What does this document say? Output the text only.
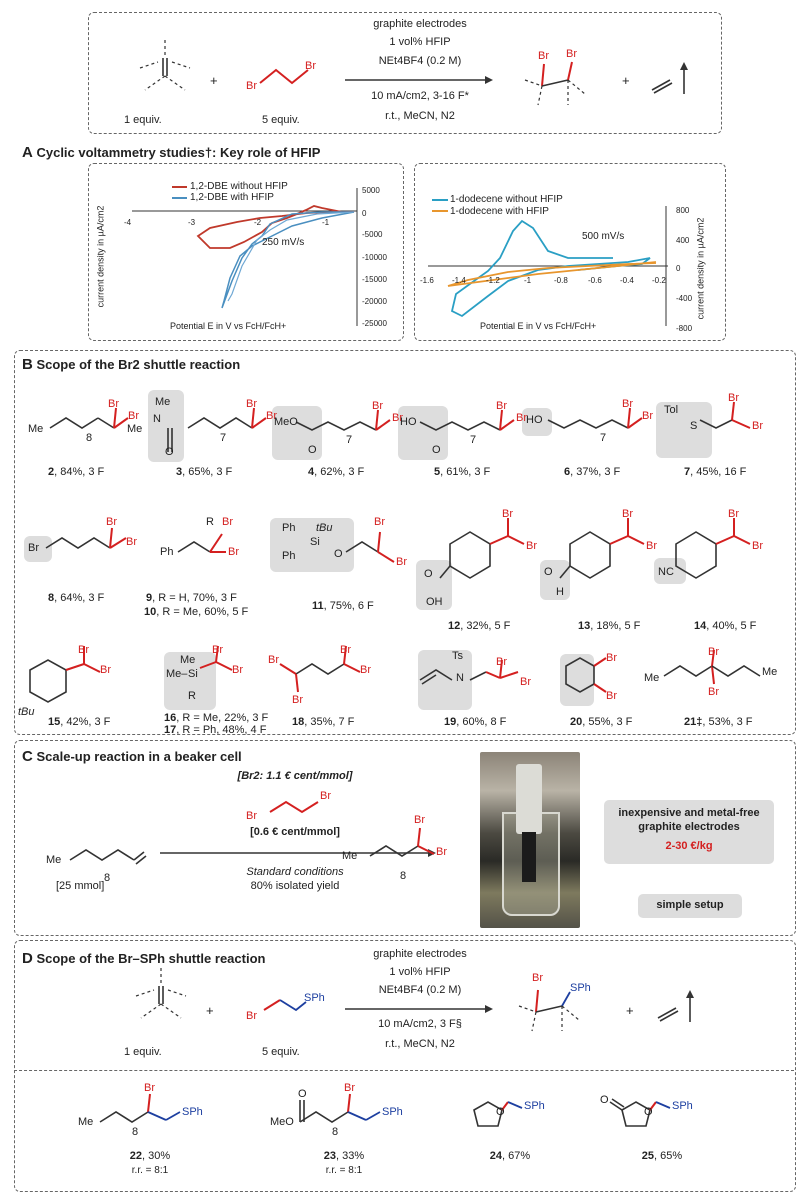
1 equiv.
+	Br
Br
5 equiv.
graphite electrodes
1 vol% HFIP
NEt4BF4 (0.2 M)
10 mA/cm2, 3-16 F*
r.t., MeCN, N2
Br Br
+
A Cyclic voltammetry studies†: Key role of HFIP
1,2-DBE without HFIP
1,2-DBE with HFIP
-4	-3	-2	-1
250 mV/s
5000
0
-5000
-10000
-15000
-20000
-25000
Potential E in V vs FcH/FcH+
current density in µA/cm2
1-dodecene without HFIP
1-dodecene with HFIP
500 mV/s
-1.6 -1.4	-1.2	-1	-0.8	-0.6 -0.4 -0.2
800
400
0
-400
-800
Potential E in V vs FcH/FcH+
current density in µA/cm2
B Scope of the Br2 shuttle reaction
Me
8
Br
Br
Me
Me
N
O
7
Br
Br
MeO
O
7
Br
Br
HO
O
7
Br
Br HO
7
Br
Br Tol
S
Br
Br
2, 84%, 3 F	3, 65%, 3 F	4, 62%, 3 F	5, 61%, 3 F	6, 37%, 3 F	7, 45%, 16 F
Br
Br
Br
Ph
R Br
Br
Ph tBu
Si
Ph	O
Br
Br
O
OH
Br
Br
O
H
Br
Br
NC
Br
Br
8, 64%, 3 F	9, R = H, 70%, 3 F
10, R = Me, 60%, 5 F	11, 75%, 6 F
12, 32%, 5 F	13, 18%, 5 F	14, 40%, 5 F
tBu
Br
Br
Me
Me– Si
R
Br
Br
Br
Br
Br
Br
Ts
N
Br
Br
Br
Br
Me
Br
Br
Me
15, 42%, 3 F	16, R = Me, 22%, 3 F
17, R = Ph, 48%, 4 F
18, 35%, 7 F	19, 60%, 8 F	20, 55%, 3 F	21‡, 53%, 3 F
C Scale-up reaction in a beaker cell
Me
8
[25 mmol]
[Br2: 1.1 € cent/mmol]
Br
Br
[0.6 € cent/mmol]
Standard conditions
80% isolated yield
Me
8
Br
Br
inexpensive and metal-free graphite electrodes
2-30 €/kg
simple setup
D Scope of the Br–SPh shuttle reaction
1 equiv.
+	Br
SPh
5 equiv.
graphite electrodes
1 vol% HFIP
NEt4BF4 (0.2 M)
10 mA/cm2, 3 F§
r.t., MeCN, N2
Br
SPh
+
Me
8
Br
SPh
O
MeO
8
Br
SPh	O SPh	O
O SPh
22, 30%
r.r. = 8:1
23, 33%
r.r. = 8:1
24, 67%	25, 65%
